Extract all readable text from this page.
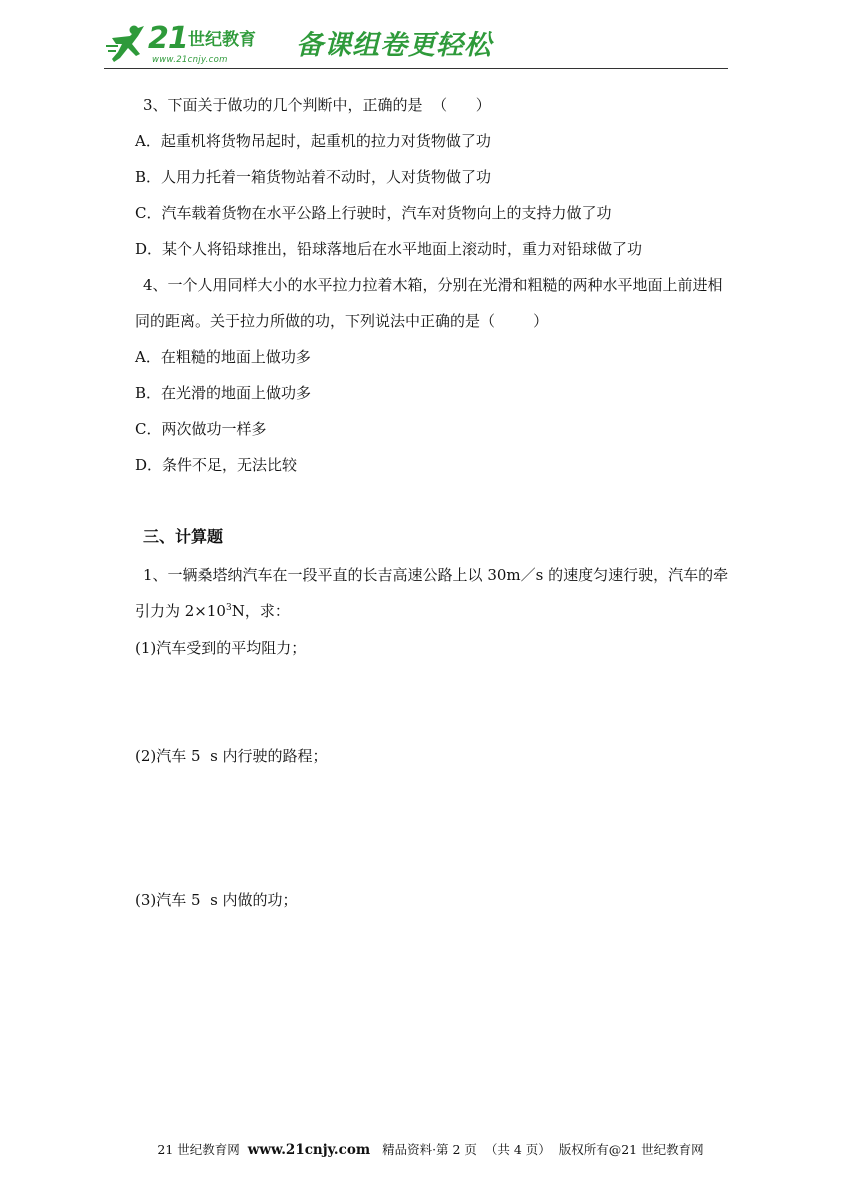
21 世纪教育
www.21cnjy.com	备课组卷更轻松
3、下面关于做功的几个判断中，正确的是  （      ）
A．起重机将货物吊起时，起重机的拉力对货物做了功
B．人用力托着一箱货物站着不动时，人对货物做了功
C．汽车载着货物在水平公路上行驶时，汽车对货物向上的支持力做了功
D．某个人将铅球推出，铅球落地后在水平地面上滚动时，重力对铅球做了功
4、一个人用同样大小的水平拉力拉着木箱，分别在光滑和粗糙的两种水平地面上前进相
同的距离。关于拉力所做的功，下列说法中正确的是（        ）
A．在粗糙的地面上做功多
B．在光滑的地面上做功多
C．两次做功一样多
D．条件不足，无法比较
三、计算题
1、一辆桑塔纳汽车在一段平直的长吉高速公路上以 30m／s 的速度匀速行驶，汽车的牵
引力为 $2\times 10^3N$，求：
(1)汽车受到的平均阻力；
(2)汽车 5  s 内行驶的路程；
(3)汽车 5  s 内做的功；
21 世纪教育网 www.21cnjy.com 精品资料·第 2 页  （共 4 页）  版权所有@21 世纪教育网
